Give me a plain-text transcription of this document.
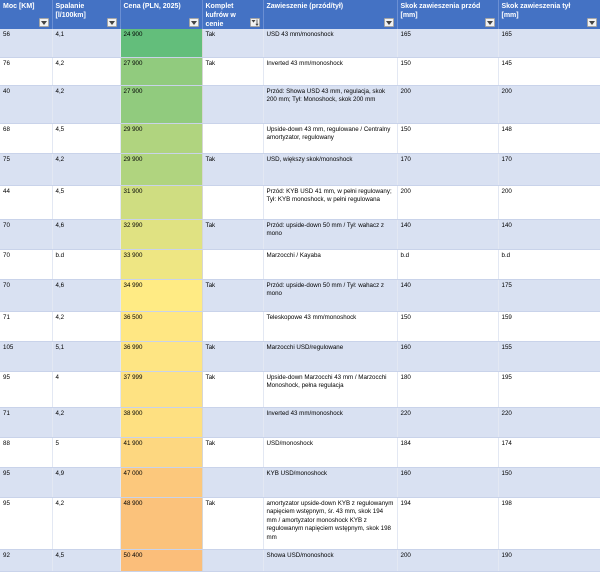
Moc [KM]	Spalanie [l/100km]	Cena (PLN, 2025)	Komplet kufrów w cenie	Zawieszenie (przód/tył)	Skok zawieszenia przód [mm]	Skok zawieszenia tył [mm]

56	4,1	24 900	Tak	USD 43 mm/monoshock	165	165
76	4,2	27 900	Tak	Inverted 43 mm/monoshock	150	145
40	4,2	27 900		Przód: Showa USD 43 mm, regulacja, skok 200 mm; Tył: Monoshock, skok 200 mm	200	200
68	4,5	29 900		Upside-down 43 mm, regulowane / Centralny amortyzator, regulowany	150	148
75	4,2	29 900	Tak	USD, większy skok/monoshock	170	170
44	4,5	31 900		Przód: KYB USD 41 mm, w pełni regulowany; Tył: KYB monoshock, w pełni regulowana	200	200
70	4,6	32 990	Tak	Przód: upside-down 50 mm / Tył: wahacz z mono	140	140
70	b.d	33 900		Marzocchi / Kayaba	b.d	b.d
70	4,6	34 990	Tak	Przód: upside-down 50 mm / Tył: wahacz z mono	140	175
71	4,2	36 500		Teleskopowe 43 mm/monoshock	150	159
105	5,1	36 990	Tak	Marzocchi USD/regulowane	160	155
95	4	37 999	Tak	Upside-down Marzocchi 43 mm / Marzocchi Monoshock, pełna regulacja	180	195
71	4,2	38 900		Inverted 43 mm/monoshock	220	220
88	5	41 900	Tak	USD/monoshock	184	174
95	4,9	47 000		KYB USD/monoshock	160	150
95	4,2	48 900	Tak	amortyzator upside-down KYB z regulowanym napięciem wstępnym, śr. 43 mm, skok 194 mm / amortyzator monoshock KYB z regulowanym napięciem wstępnym, skok 198 mm	194	198
92	4,5	50 400		Showa USD/monoshock	200	190
